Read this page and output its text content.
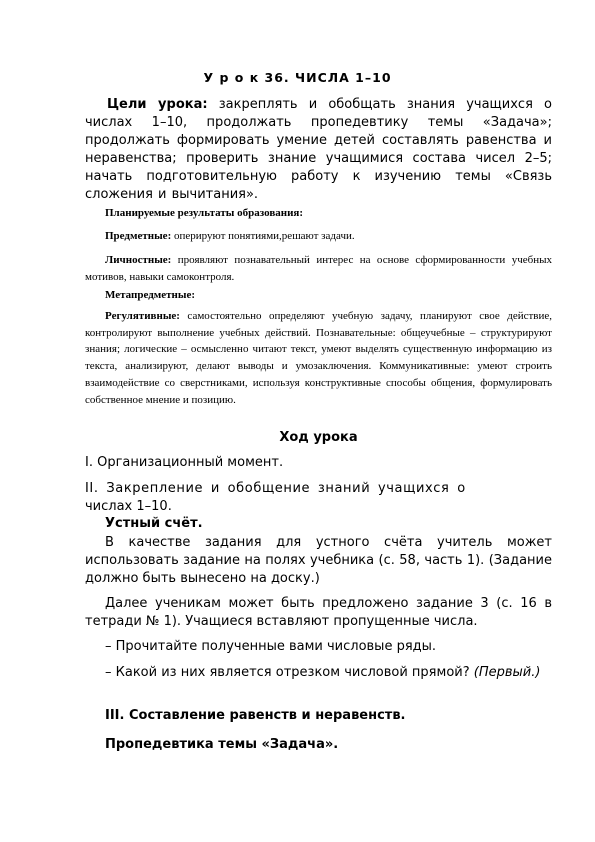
У р о к 36. ЧИСЛА 1–10

Цели урока: закреплять и обобщать знания учащихся о числах 1–10, продолжать пропедевтику темы «Задача»; продолжать формировать умение детей составлять равенства и неравенства; проверить знание учащимися состава чисел 2–5; начать подготовительную работу к изучению темы «Связь сложения и вычитания».

Планируемые результаты образования:

Предметные: оперируют понятиями,решают задачи.

Личностные: проявляют познавательный интерес на основе сформированности учебных мотивов, навыки самоконтроля.

Метапредметные:

Регулятивные: самостоятельно определяют учебную задачу, планируют свое действие, контролируют выполнение учебных действий. Познавательные: общеучебные – структурируют знания; логические – осмысленно читают текст, умеют выделять существенную информацию из текста, анализируют, делают выводы и умозаключения. Коммуникативные: умеют строить взаимодействие со сверстниками, используя конструктивные способы общения, формулировать собственное мнение и позицию.

Ход урока

I. Организационный момент.

II. Закрепление и обобщение знаний учащихся о

числах 1–10.

Устный счёт.

В качестве задания для устного счёта учитель может использовать задание на полях учебника (с. 58, часть 1). (Задание должно быть вынесено на доску.)

Далее ученикам может быть предложено задание 3 (с. 16 в тетради № 1). Учащиеся вставляют пропущенные числа.

– Прочитайте полученные вами числовые ряды.

– Какой из них является отрезком числовой прямой? (Первый.)

III. Составление равенств и неравенств.

Пропедевтика темы «Задача».
